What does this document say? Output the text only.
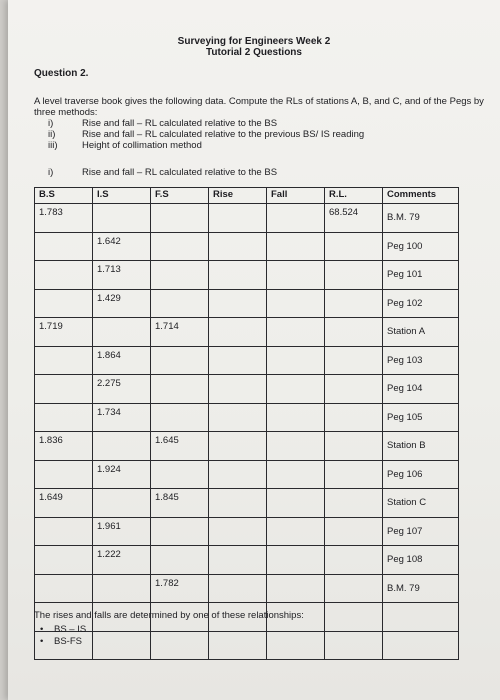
Surveying for Engineers Week 2
Tutorial 2 Questions
Question 2.
A level traverse book gives the following data. Compute the RLs of stations A, B, and C, and of the Pegs by three methods:
i)	Rise and fall – RL calculated relative to the BS
ii)	Rise and fall – RL calculated relative to the previous BS/ IS reading
iii)	Height of collimation method
i)	Rise and fall – RL calculated relative to the BS
B.S	I.S	F.S	Rise	Fall	R.L.	Comments
1.783					68.524	B.M. 79
	1.642					Peg 100
	1.713					Peg 101
	1.429					Peg 102
1.719		1.714				Station A
	1.864					Peg 103
	2.275					Peg 104
	1.734					Peg 105
1.836		1.645				Station B
	1.924					Peg 106
1.649		1.845				Station C
	1.961					Peg 107
	1.222					Peg 108
		1.782				B.M. 79

The rises and falls are determined by one of these relationships:
•	BS – IS
•	BS-FS
